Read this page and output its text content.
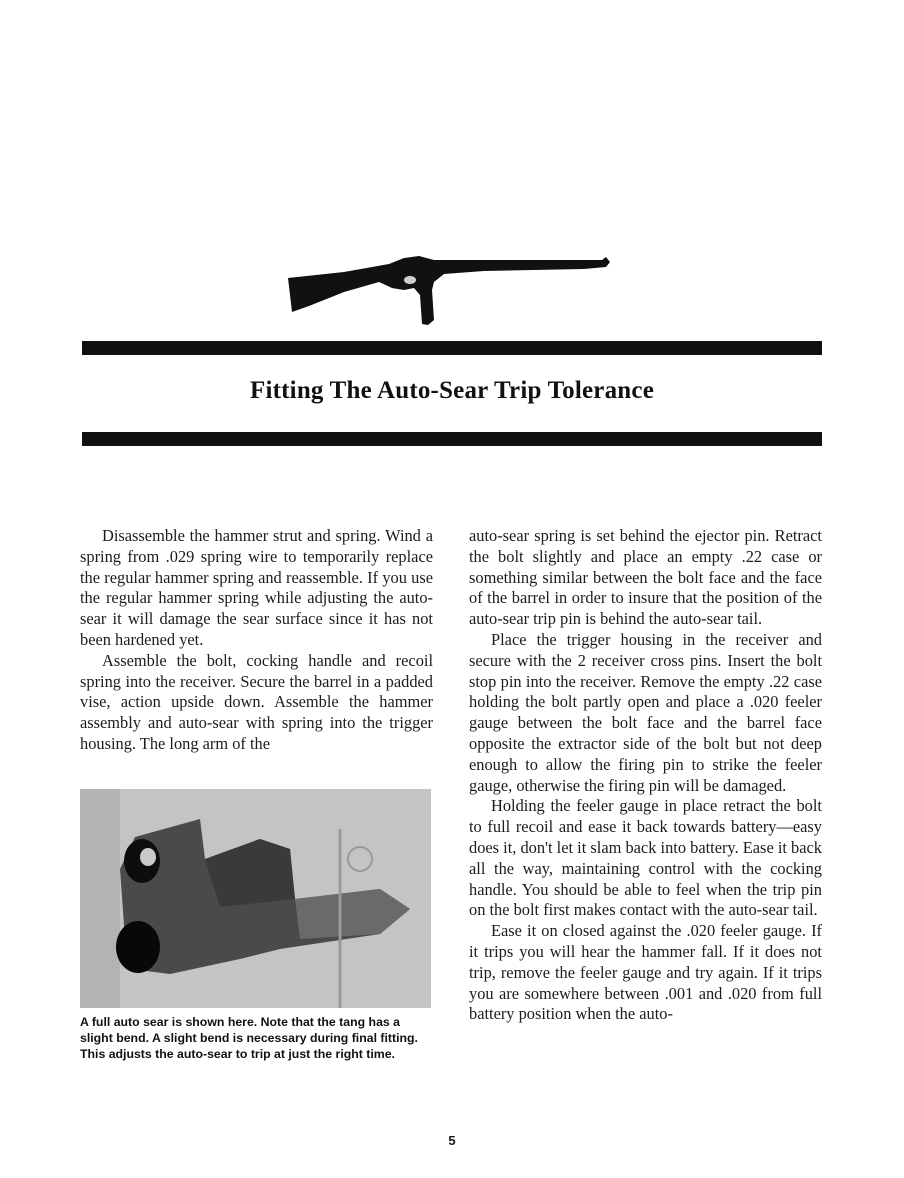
Fitting The Auto-Sear Trip Tolerance

Disassemble the hammer strut and spring. Wind a spring from .029 spring wire to temporarily replace the regular hammer spring and reassemble. If you use the regular hammer spring while adjusting the auto-sear it will damage the sear surface since it has not been hardened yet.

Assemble the bolt, cocking handle and recoil spring into the receiver. Secure the barrel in a padded vise, action upside down. Assemble the hammer assembly and auto-sear with spring into the trigger housing. The long arm of the

A full auto sear is shown here. Note that the tang has a slight bend. A slight bend is necessary during final fitting. This adjusts the auto-sear to trip at just the right time.

auto-sear spring is set behind the ejector pin. Retract the bolt slightly and place an empty .22 case or something similar between the bolt face and the face of the barrel in order to insure that the position of the auto-sear trip pin is behind the auto-sear tail.

Place the trigger housing in the receiver and secure with the 2 receiver cross pins. Insert the bolt stop pin into the receiver. Remove the empty .22 case holding the bolt partly open and place a .020 feeler gauge between the bolt face and the barrel face opposite the extractor side of the bolt but not deep enough to allow the firing pin to strike the feeler gauge, otherwise the firing pin will be damaged.

Holding the feeler gauge in place retract the bolt to full recoil and ease it back towards battery—easy does it, don't let it slam back into battery. Ease it back all the way, maintaining control with the cocking handle. You should be able to feel when the trip pin on the bolt first makes contact with the auto-sear tail.

Ease it on closed against the .020 feeler gauge. If it trips you will hear the hammer fall. If it does not trip, remove the feeler gauge and try again. If it trips you are somewhere between .001 and .020 from full battery position when the auto-

5
